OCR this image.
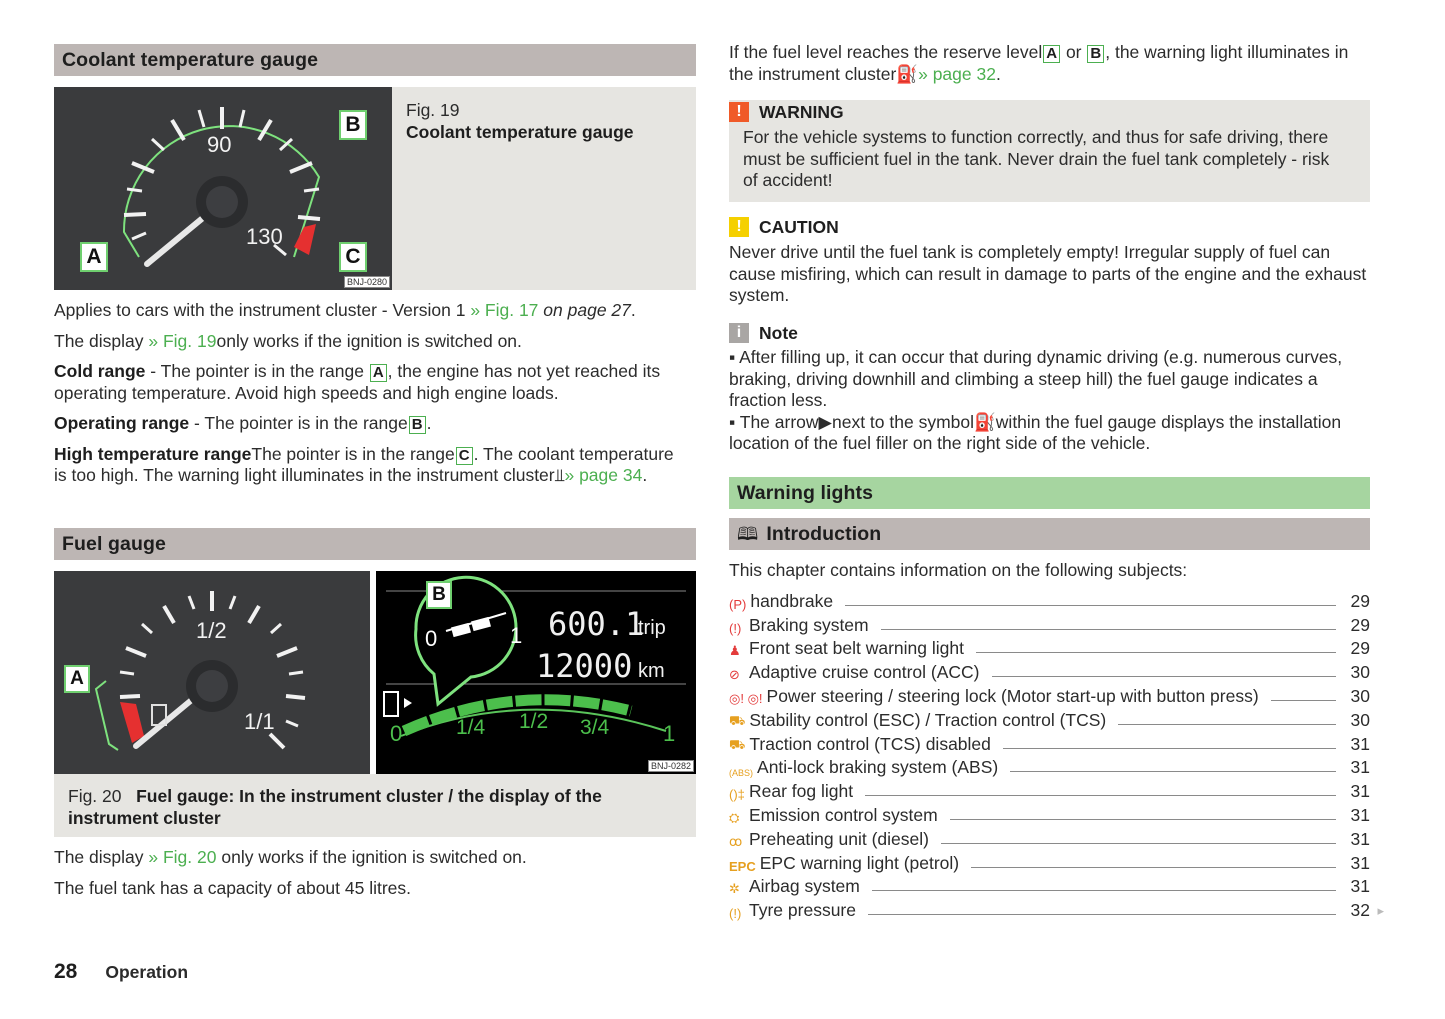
Coolant temperature gauge
90
130
A
B
C
BNJ-0280
Fig. 19
Coolant temperature gauge

Applies to cars with the instrument cluster - Version 1 » Fig. 17 on page 27.

The display » Fig. 19only works if the ignition is switched on.

Cold range - The pointer is in the range A , the engine has not yet reached its operating temperature. Avoid high speeds and high engine loads.

Operating range - The pointer is in the range B .

High temperature rangeThe pointer is in the range C . The coolant temperature is too high. The warning light illuminates in the instrument cluster⫫» page 34.

Fuel gauge
1/2
1/1
A
0	1 600.1
trip
12000 km
0	1/4 1/2 3/4 1
B
BNJ-0282
Fig. 20 Fuel gauge: In the instrument cluster / the display of the instrument cluster

The display » Fig. 20 only works if the ignition is switched on.

The fuel tank has a capacity of about 45 litres.

28 Operation

If the fuel level reaches the reserve level A or B , the warning light illuminates in the instrument cluster⛽» page 32.

! WARNING

For the vehicle systems to function correctly, and thus for safe driving, there must be sufficient fuel in the tank. Never drain the fuel tank completely - risk of accident!

! CAUTION

Never drive until the fuel tank is completely empty! Irregular supply of fuel can cause misfiring, which can result in damage to parts of the engine and the exhaust system.

i	Note

▪ After filling up, it can occur that during dynamic driving (e.g. numerous curves, braking, driving downhill and climbing a steep hill) the fuel gauge indicates a fraction less.

▪ The arrow▶next to the symbol⛽within the fuel gauge displays the installation location of the fuel filler on the right side of the vehicle.

Warning lights
🕮 Introduction

This chapter contains information on the following subjects:

(P) handbrake	29
(!) Braking system	29
♟ Front seat belt warning light	29
⊘ Adaptive cruise control (ACC)	30
◎! ◎! Power steering / steering lock (Motor start-up with button press)	30
⛟ Stability control (ESC) / Traction control (TCS)	30
⛟ Traction control (TCS) disabled	31
(ABS) Anti-lock braking system (ABS)	31
()‡ Rear fog light	31
⛭ Emission control system	31
ꝏ Preheating unit (diesel)	31
EPC EPC warning light (petrol)	31
✲ Airbag system	31
(!) Tyre pressure	32 ▸
